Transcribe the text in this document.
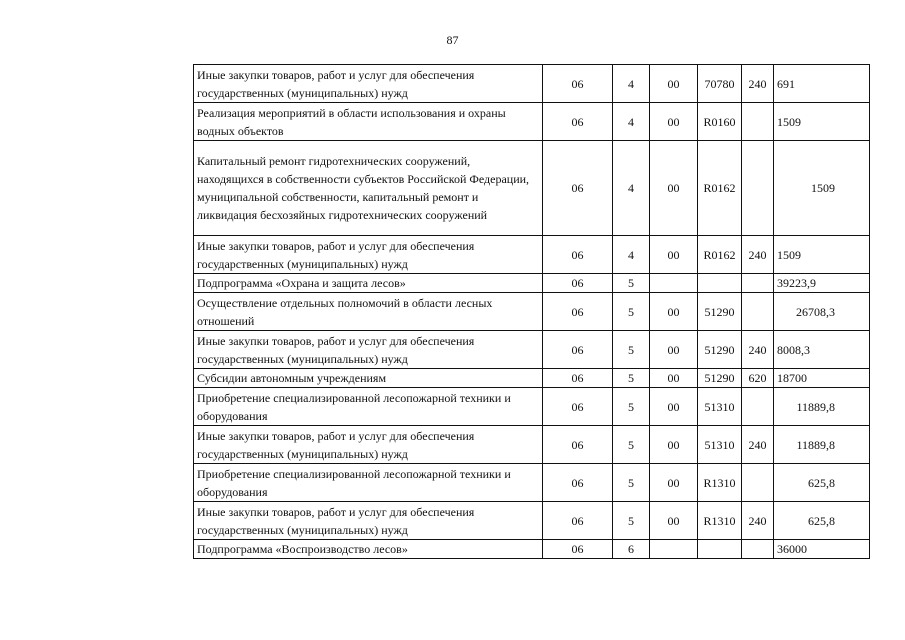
87
Иные закупки товаров, работ и услуг для обеспечения государственных (муниципальных) нужд	06	4	00	70780	240	691
Реализация мероприятий в области использования и охраны водных объектов	06	4	00	R0160		1509
Капитальный ремонт гидротехнических сооружений, находящихся в собственности субъектов Российской Федерации, муниципальной собственности, капитальный ремонт и ликвидация бесхозяйных гидротехнических сооружений	06	4	00	R0162		1509
Иные закупки товаров, работ и услуг для обеспечения государственных (муниципальных) нужд	06	4	00	R0162	240	1509
Подпрограмма «Охрана и защита лесов»	06	5				39223,9
Осуществление отдельных полномочий в области лесных отношений	06	5	00	51290		26708,3
Иные закупки товаров, работ и услуг для обеспечения государственных (муниципальных) нужд	06	5	00	51290	240	8008,3
Субсидии автономным учреждениям	06	5	00	51290	620	18700
Приобретение специализированной лесопожарной техники и оборудования	06	5	00	51310		11889,8
Иные закупки товаров, работ и услуг для обеспечения государственных (муниципальных) нужд	06	5	00	51310	240	11889,8
Приобретение специализированной лесопожарной техники и оборудования	06	5	00	R1310		625,8
Иные закупки товаров, работ и услуг для обеспечения государственных (муниципальных) нужд	06	5	00	R1310	240	625,8
Подпрограмма «Воспроизводство лесов»	06	6				36000
